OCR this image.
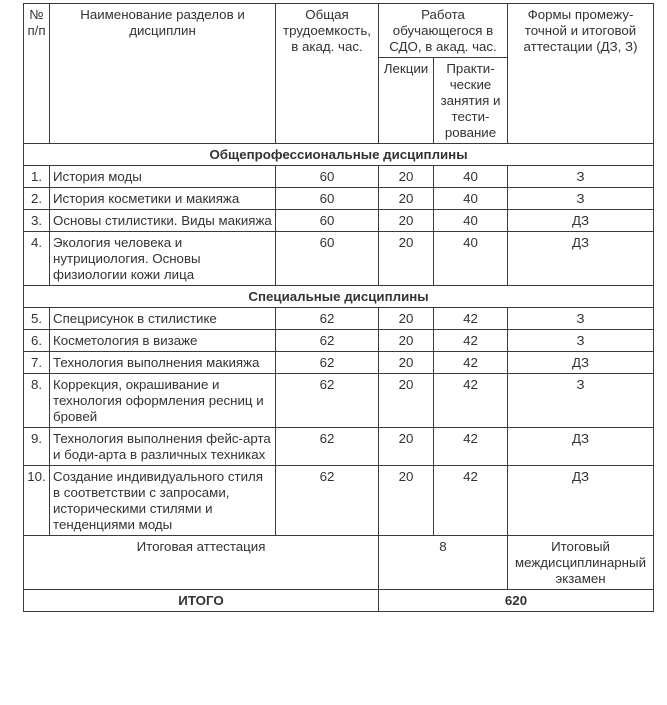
№ п/п	Наименование разделов и дисциплин	Общая трудоемкость, в акад. час.	Работа обучающегося в СДО, в акад. час.		Формы промежу-точной и итоговой аттестации (ДЗ, З)
			Лекции	Практи-ческие занятия и тести-рование	
Общепрофессиональные дисциплины					
1.	История моды	60	20	40	З
2.	История косметики и макияжа	60	20	40	З
3.	Основы стилистики. Виды макияжа	60	20	40	ДЗ
4.	Экология человека и нутрициология. Основы физиологии кожи лица	60	20	40	ДЗ
Специальные дисциплины					
5.	Спецрисунок в стилистике	62	20	42	З
6.	Косметология в визаже	62	20	42	З
7.	Технология выполнения макияжа	62	20	42	ДЗ
8.	Коррекция, окрашивание и технология оформления ресниц и бровей	62	20	42	З
9.	Технология выполнения фейс-арта и боди-арта в различных техниках	62	20	42	ДЗ
10.	Создание индивидуального стиля в соответствии с запросами, историческими стилями и тенденциями моды	62	20	42	ДЗ
Итоговая аттестация			8		Итоговый междисциплинарный экзамен
ИТОГО			620		
